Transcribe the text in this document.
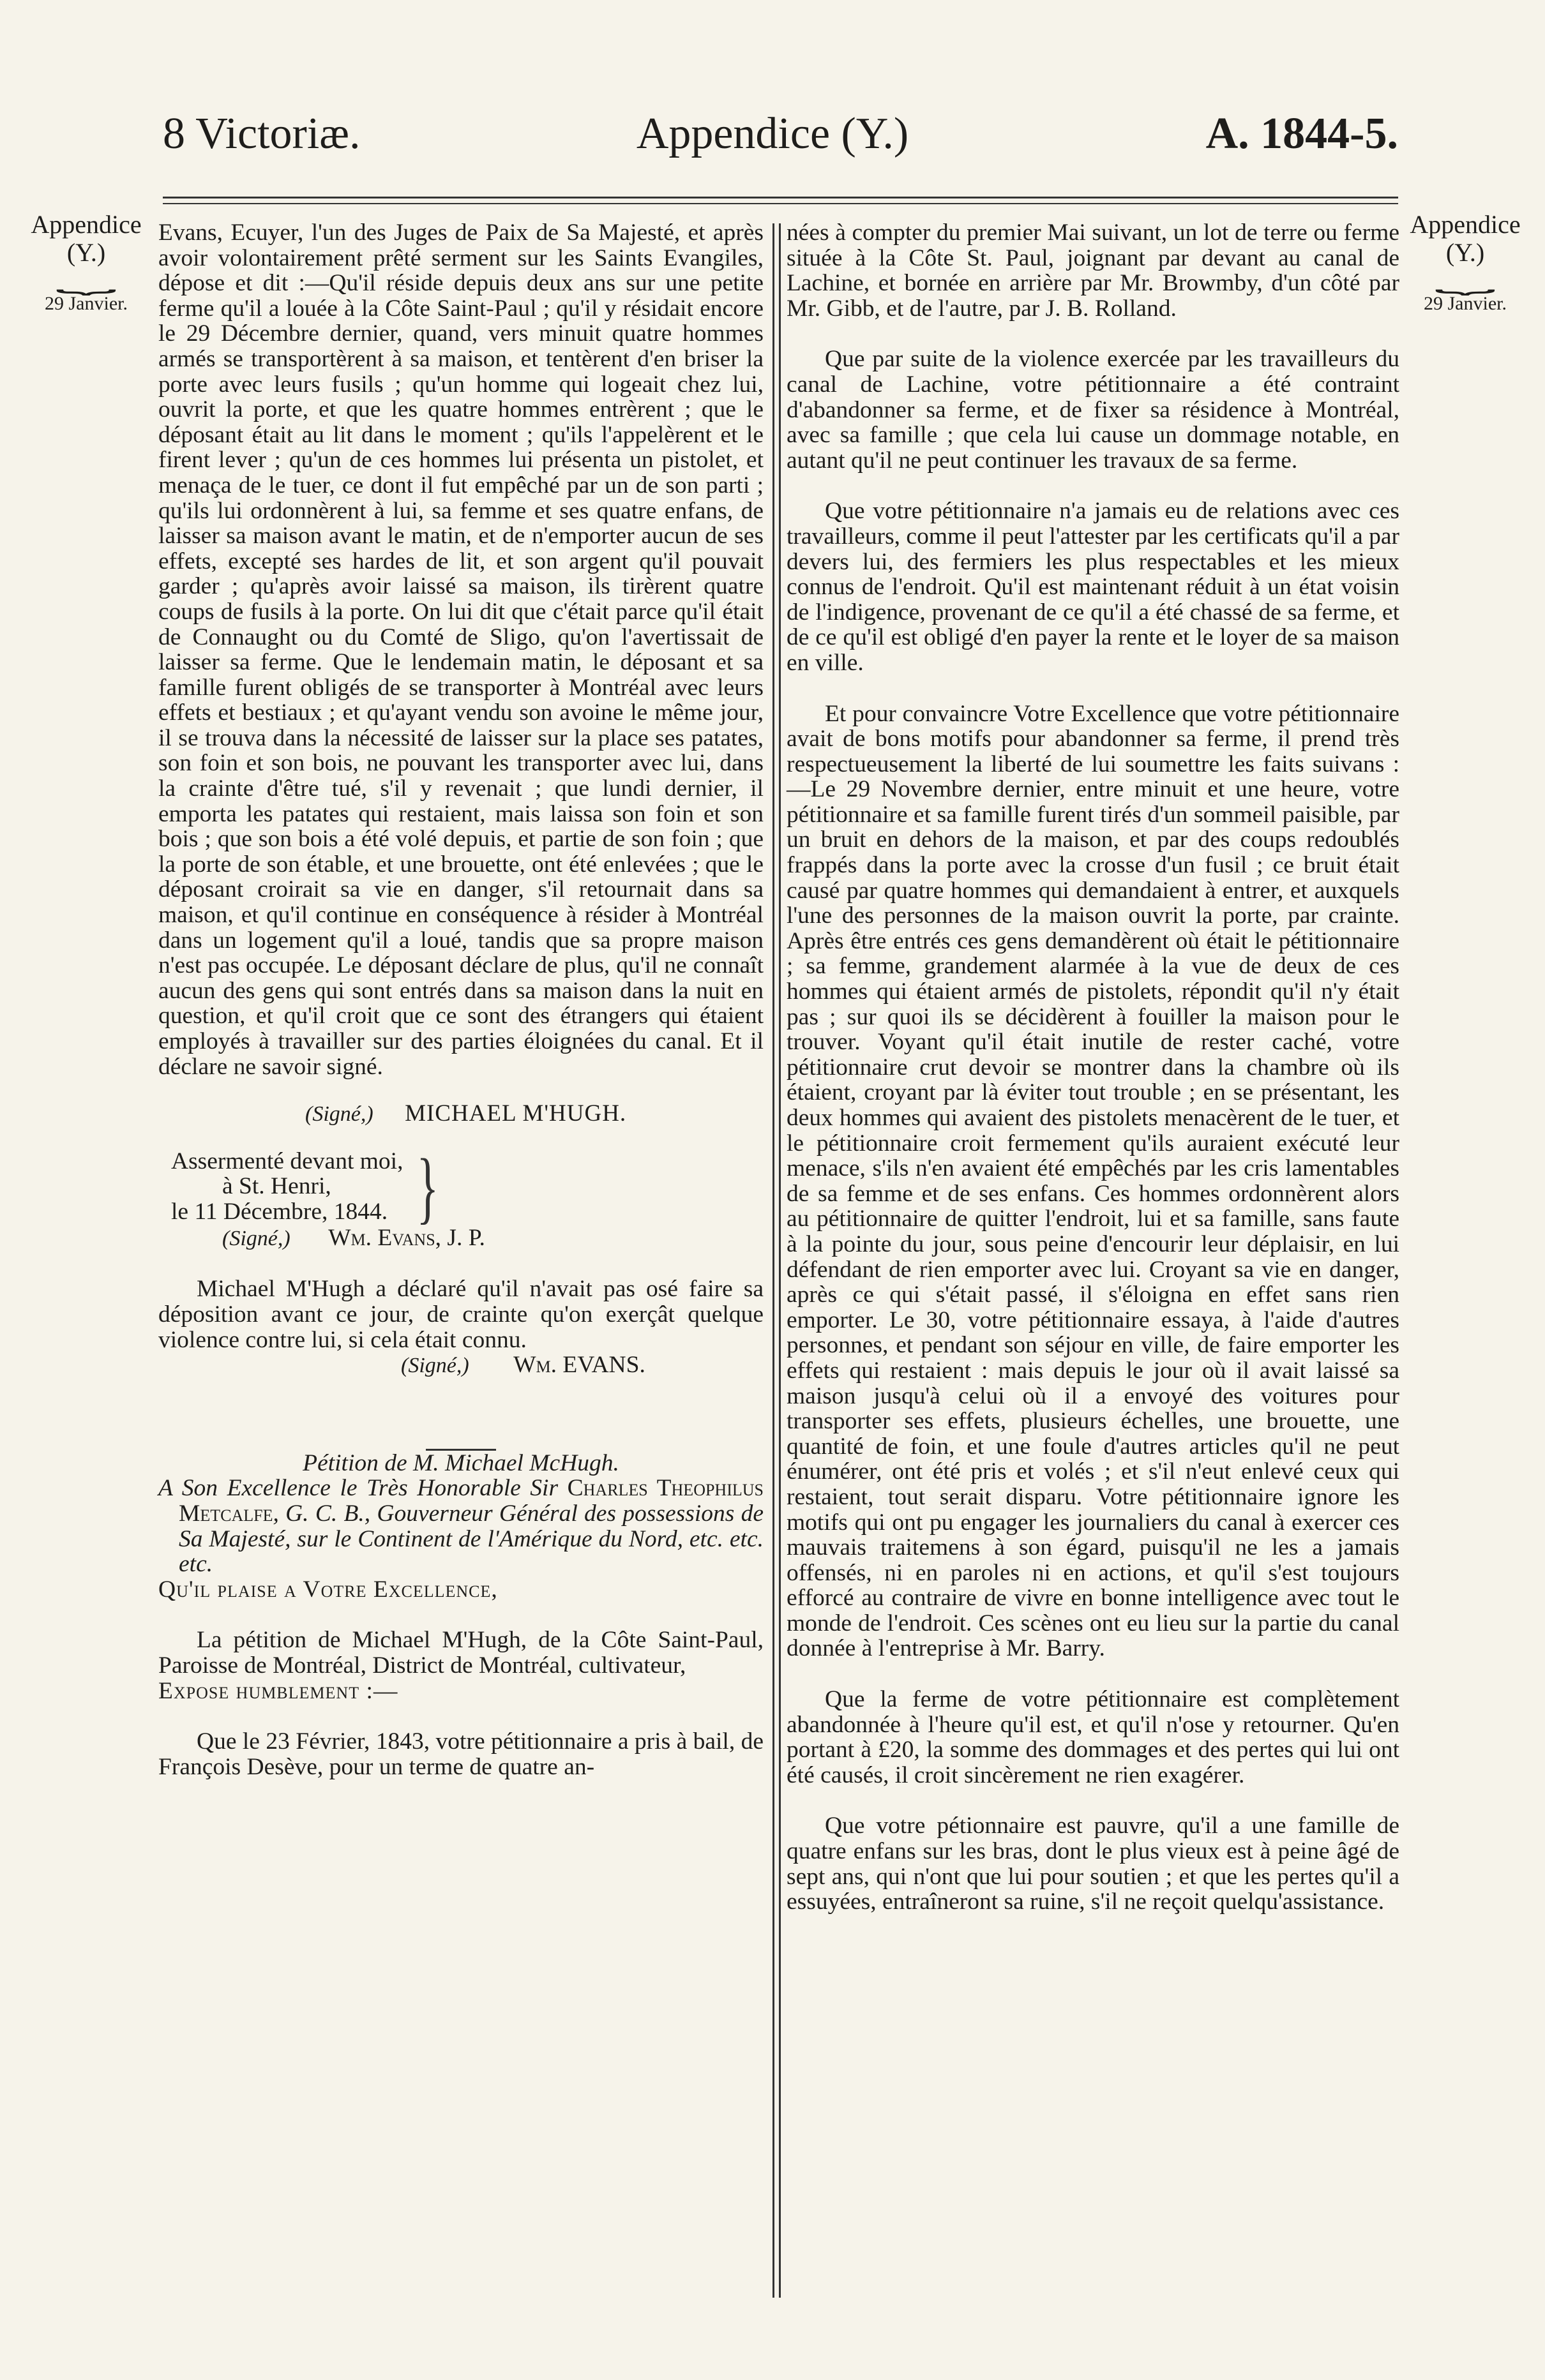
8 Victoriæ.	Appendice (Y.)	A. 1844-5.
Appendice
(Y.)
⏟
29 Janvier.
Appendice
(Y.)
⏟
29 Janvier.

Evans, Ecuyer, l'un des Juges de Paix de Sa Majesté, et après avoir volontairement prêté serment sur les Saints Evangiles, dépose et dit :—Qu'il réside depuis deux ans sur une petite ferme qu'il a louée à la Côte Saint-Paul ; qu'il y résidait encore le 29 Décembre dernier, quand, vers minuit quatre hommes armés se transportèrent à sa maison, et tentèrent d'en briser la porte avec leurs fusils ; qu'un homme qui logeait chez lui, ouvrit la porte, et que les quatre hommes entrèrent ; que le déposant était au lit dans le moment ; qu'ils l'appelèrent et le firent lever ; qu'un de ces hommes lui présenta un pistolet, et menaça de le tuer, ce dont il fut empêché par un de son parti ; qu'ils lui ordonnèrent à lui, sa femme et ses quatre enfans, de laisser sa maison avant le matin, et de n'emporter aucun de ses effets, excepté ses hardes de lit, et son argent qu'il pouvait garder ; qu'après avoir laissé sa maison, ils tirèrent quatre coups de fusils à la porte. On lui dit que c'était parce qu'il était de Connaught ou du Comté de Sligo, qu'on l'avertissait de laisser sa ferme. Que le lendemain matin, le déposant et sa famille furent obligés de se transporter à Montréal avec leurs effets et bestiaux ; et qu'ayant vendu son avoine le même jour, il se trouva dans la nécessité de laisser sur la place ses patates, son foin et son bois, ne pouvant les transporter avec lui, dans la crainte d'être tué, s'il y revenait ; que lundi dernier, il emporta les patates qui restaient, mais laissa son foin et son bois ; que son bois a été volé depuis, et partie de son foin ; que la porte de son étable, et une brouette, ont été enlevées ; que le déposant croirait sa vie en danger, s'il retournait dans sa maison, et qu'il continue en conséquence à résider à Montréal dans un logement qu'il a loué, tandis que sa propre maison n'est pas occupée. Le déposant déclare de plus, qu'il ne connaît aucun des gens qui sont entrés dans sa maison dans la nuit en question, et qu'il croit que ce sont des étrangers qui étaient employés à travailler sur des parties éloignées du canal. Et il déclare ne savoir signé.

(Signé,) MICHAEL M'HUGH.

Assermenté devant moi,
à St. Henri,
le 11 Décembre, 1844. }

(Signé,) Wm. Evans, J. P.

Michael M'Hugh a déclaré qu'il n'avait pas osé faire sa déposition avant ce jour, de crainte qu'on exerçât quelque violence contre lui, si cela était connu.

(Signé,) Wm. EVANS.

Pétition de M. Michael McHugh.

A Son Excellence le Très Honorable Sir Charles Theophilus Metcalfe, G. C. B., Gouverneur Général des possessions de Sa Majesté, sur le Continent de l'Amérique du Nord, etc. etc. etc.

Qu'il plaise a Votre Excellence,

La pétition de Michael M'Hugh, de la Côte Saint-Paul, Paroisse de Montréal, District de Montréal, cultivateur,

Expose humblement :—

Que le 23 Février, 1843, votre pétitionnaire a pris à bail, de François Desève, pour un terme de quatre an-

nées à compter du premier Mai suivant, un lot de terre ou ferme située à la Côte St. Paul, joignant par devant au canal de Lachine, et bornée en arrière par Mr. Browmby, d'un côté par Mr. Gibb, et de l'autre, par J. B. Rolland.

Que par suite de la violence exercée par les travailleurs du canal de Lachine, votre pétitionnaire a été contraint d'abandonner sa ferme, et de fixer sa résidence à Montréal, avec sa famille ; que cela lui cause un dommage notable, en autant qu'il ne peut continuer les travaux de sa ferme.

Que votre pétitionnaire n'a jamais eu de relations avec ces travailleurs, comme il peut l'attester par les certificats qu'il a par devers lui, des fermiers les plus respectables et les mieux connus de l'endroit. Qu'il est maintenant réduit à un état voisin de l'indigence, provenant de ce qu'il a été chassé de sa ferme, et de ce qu'il est obligé d'en payer la rente et le loyer de sa maison en ville.

Et pour convaincre Votre Excellence que votre pétitionnaire avait de bons motifs pour abandonner sa ferme, il prend très respectueusement la liberté de lui soumettre les faits suivans :—Le 29 Novembre dernier, entre minuit et une heure, votre pétitionnaire et sa famille furent tirés d'un sommeil paisible, par un bruit en dehors de la maison, et par des coups redoublés frappés dans la porte avec la crosse d'un fusil ; ce bruit était causé par quatre hommes qui demandaient à entrer, et auxquels l'une des personnes de la maison ouvrit la porte, par crainte. Après être entrés ces gens demandèrent où était le pétitionnaire ; sa femme, grandement alarmée à la vue de deux de ces hommes qui étaient armés de pistolets, répondit qu'il n'y était pas ; sur quoi ils se décidèrent à fouiller la maison pour le trouver. Voyant qu'il était inutile de rester caché, votre pétitionnaire crut devoir se montrer dans la chambre où ils étaient, croyant par là éviter tout trouble ; en se présentant, les deux hommes qui avaient des pistolets menacèrent de le tuer, et le pétitionnaire croit fermement qu'ils auraient exécuté leur menace, s'ils n'en avaient été empêchés par les cris lamentables de sa femme et de ses enfans. Ces hommes ordonnèrent alors au pétitionnaire de quitter l'endroit, lui et sa famille, sans faute à la pointe du jour, sous peine d'encourir leur déplaisir, en lui défendant de rien emporter avec lui. Croyant sa vie en danger, après ce qui s'était passé, il s'éloigna en effet sans rien emporter. Le 30, votre pétitionnaire essaya, à l'aide d'autres personnes, et pendant son séjour en ville, de faire emporter les effets qui restaient : mais depuis le jour où il avait laissé sa maison jusqu'à celui où il a envoyé des voitures pour transporter ses effets, plusieurs échelles, une brouette, une quantité de foin, et une foule d'autres articles qu'il ne peut énumérer, ont été pris et volés ; et s'il n'eut enlevé ceux qui restaient, tout serait disparu. Votre pétitionnaire ignore les motifs qui ont pu engager les journaliers du canal à exercer ces mauvais traitemens à son égard, puisqu'il ne les a jamais offensés, ni en paroles ni en actions, et qu'il s'est toujours efforcé au contraire de vivre en bonne intelligence avec tout le monde de l'endroit. Ces scènes ont eu lieu sur la partie du canal donnée à l'entreprise à Mr. Barry.

Que la ferme de votre pétitionnaire est complètement abandonnée à l'heure qu'il est, et qu'il n'ose y retourner. Qu'en portant à £20, la somme des dommages et des pertes qui lui ont été causés, il croit sincèrement ne rien exagérer.

Que votre pétionnaire est pauvre, qu'il a une famille de quatre enfans sur les bras, dont le plus vieux est à peine âgé de sept ans, qui n'ont que lui pour soutien ; et que les pertes qu'il a essuyées, entraîneront sa ruine, s'il ne reçoit quelqu'assistance.
